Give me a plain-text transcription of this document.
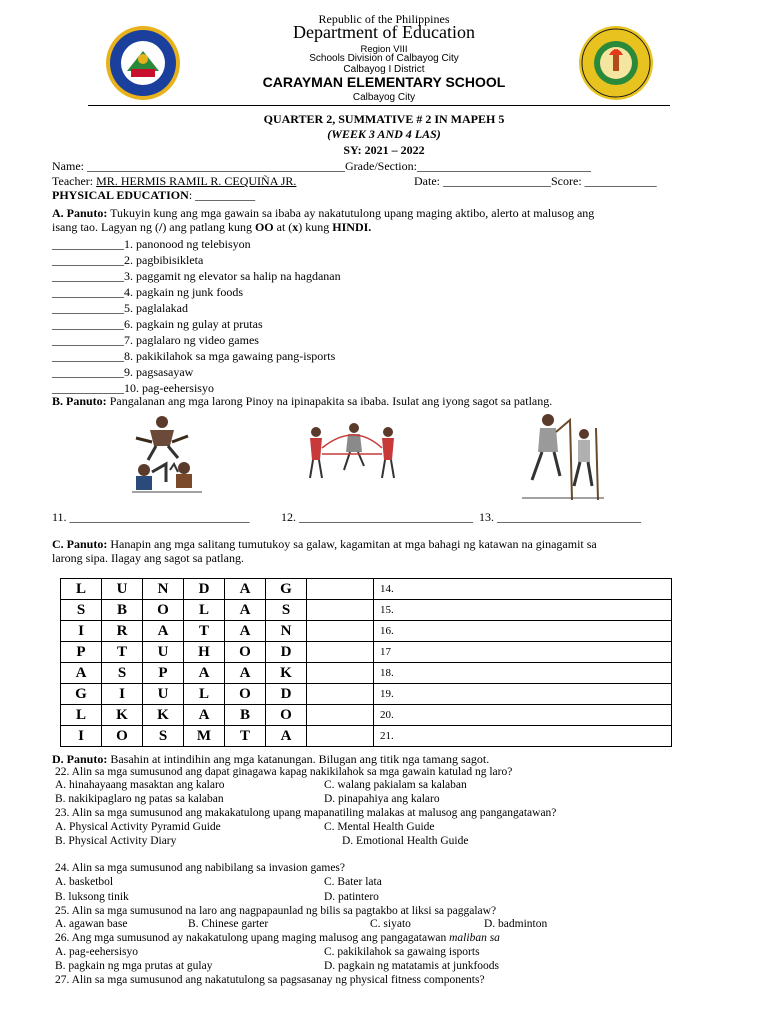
Republic of the Philippines
Department of Education
Region VIII
Schools Division of Calbayog City
Calbayog I District
CARAYMAN ELEMENTARY SCHOOL
Calbayog City
QUARTER 2, SUMMATIVE # 2 IN MAPEH 5
(WEEK 3 AND 4 LAS)
SY: 2021 – 2022
Name: ___________________________________________Grade/Section:_____________________________
Teacher: MR. HERMIS RAMIL R. CEQUIÑA JR.	Date: __________________Score: ____________
PHYSICAL EDUCATION: __________
A. Panuto: Tukuyin kung ang mga gawain sa ibaba ay nakatutulong upang maging aktibo, alerto at malusog ang
isang tao. Lagyan ng (/) ang patlang kung OO at (x) kung HINDI.
____________1. panonood ng telebisyon
____________2. pagbibisikleta
____________3. paggamit ng elevator sa halip na hagdanan
____________4. pagkain ng junk foods
____________5. paglalakad
____________6. pagkain ng gulay at prutas
____________7. paglalaro ng video games
____________8. pakikilahok sa mga gawaing pang-isports
____________9. pagsasayaw
____________10. pag-eehersisyo
B. Panuto: Pangalanan ang mga larong Pinoy na ipinapakita sa ibaba. Isulat ang iyong sagot sa patlang.
11. ______________________________	12. _____________________________ 13. ________________________
C. Panuto: Hanapin ang mga salitang tumutukoy sa galaw, kagamitan at mga bahagi ng katawan na ginagamit sa
larong sipa. Ilagay ang sagot sa patlang.
L	U	N	D	A	G		14.
S	B	O	L	A	S		15.
I	R	A	T	A	N		16.
P	T	U	H	O	D		17
A	S	P	A	A	K		18.
G	I	U	L	O	D		19.
L	K	K	A	B	O		20.
I	O	S	M	T	A		21.
D. Panuto: Basahin at intindihin ang mga katanungan. Bilugan ang titik nga tamang sagot.
22. Alin sa mga sumusunod ang dapat ginagawa kapag nakikilahok sa mga gawain katulad ng laro?
A. hinahayaang masaktan ang kalaro	C. walang pakialam sa kalaban
B. nakikipaglaro ng patas sa kalaban	D. pinapahiya ang kalaro
23. Alin sa mga sumusunod ang makakatulong upang mapanatiling malakas at malusog ang pangangatawan?
A. Physical Activity Pyramid Guide	C. Mental Health Guide
B. Physical Activity Diary	D. Emotional Health Guide
24. Alin sa mga sumusunod ang nabibilang sa invasion games?
A. basketbol	C. Bater lata
B. luksong tinik	D. patintero
25. Alin sa mga sumusunod na laro ang nagpapaunlad ng bilis sa pagtakbo at liksi sa paggalaw?
A. agawan base	B. Chinese garter	C. siyato	D. badminton
26. Ang mga sumusunod ay nakakatulong upang maging malusog ang pangagatawan maliban sa
A. pag-eehersisyo	C. pakikilahok sa gawaing isports
B. pagkain ng mga prutas at gulay	D. pagkain ng matatamis at junkfoods
27. Alin sa mga sumusunod ang nakatutulong sa pagsasanay ng physical fitness components?
